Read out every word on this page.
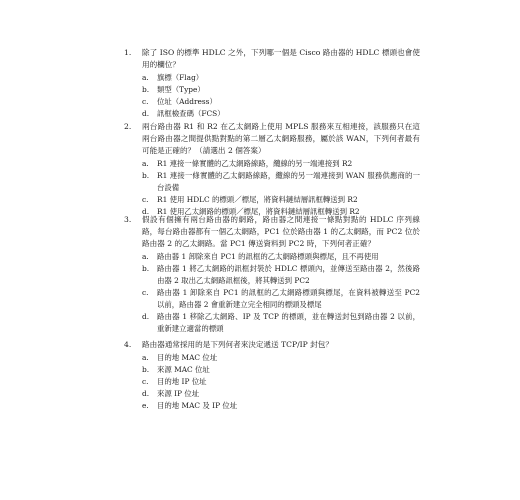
1.	除了 ISO 的標準 HDLC 之外，下列哪一個是 Cisco 路由器的 HDLC 標頭也會使用的欄位？
a.	旗標（Flag）
b.	類型（Type）
c.	位址（Address）
d.	訊框檢查碼（FCS）
2.	兩台路由器 R1 和 R2 在乙太網路上使用 MPLS 服務來互相連接，該服務只在這兩台路由器之間提供點對點的第二層乙太網路服務，屬於該 WAN，下列何者最有可能是正確的？（請選出 2 個答案）
a.	R1 連接一條實體的乙太網路線路，纜線的另一端連接到 R2
b.	R1 連接一條實體的乙太網路線路，纜線的另一端連接到 WAN 服務供應商的一台設備
c.	R1 使用 HDLC 的標頭／標尾，將資料鏈結層訊框轉送到 R2
d.	R1 使用乙太網路的標頭／標尾，將資料鏈結層訊框轉送到 R2
3.	假設有個擁有兩台路由器的網路，路由器之間連接一條點對點的 HDLC 序列線路，每台路由器都有一個乙太網路，PC1 位於路由器 1 的乙太網路，而 PC2 位於路由器 2 的乙太網路。當 PC1 傳送資料到 PC2 時，下列何者正確？
a.	路由器 1 卸除來自 PC1 的訊框的乙太網路標頭與標尾，且不再使用
b.	路由器 1 將乙太網路的訊框封裝於 HDLC 標頭內，並傳送至路由器 2，然後路由器 2 取出乙太網路訊框後，將其轉送到 PC2
c.	路由器 1 卸除來自 PC1 的訊框的乙太網路標頭與標尾，在資料被轉送至 PC2 以前，路由器 2 會重新建立完全相同的標頭及標尾
d.	路由器 1 移除乙太網路、IP 及 TCP 的標頭，並在轉送封包到路由器 2 以前，重新建立適當的標頭
4.	路由器通常採用的是下列何者來決定遞送 TCP/IP 封包？
a.	目的地 MAC 位址
b.	來源 MAC 位址
c.	目的地 IP 位址
d.	來源 IP 位址
e.	目的地 MAC 及 IP 位址
